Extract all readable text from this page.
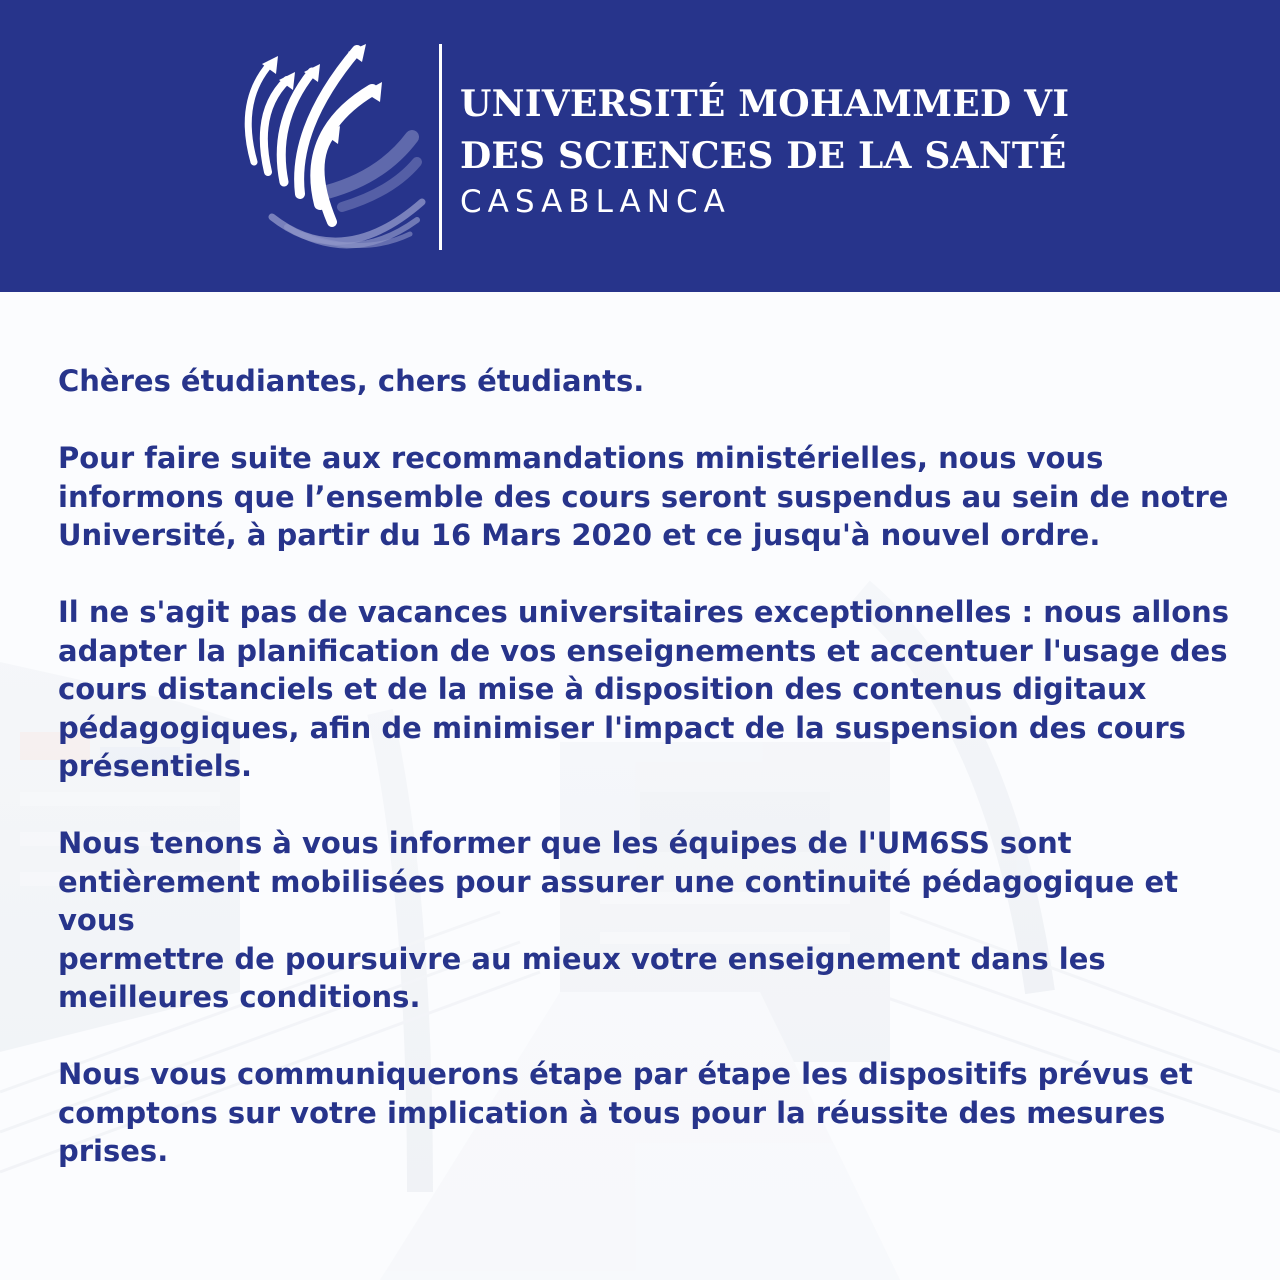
UNIVERSITÉ MOHAMMED VI
DES SCIENCES DE LA SANTÉ
CASABLANCA

Chères étudiantes, chers étudiants.

Pour faire suite aux recommandations ministérielles, nous vous
informons que l’ensemble des cours seront suspendus au sein de notre
Université, à partir du 16 Mars 2020 et ce jusqu'à nouvel ordre.

Il ne s'agit pas de vacances universitaires exceptionnelles : nous allons
adapter la planification de vos enseignements et accentuer l'usage des
cours distanciels et de la mise à disposition des contenus digitaux
pédagogiques, afin de minimiser l'impact de la suspension des cours
présentiels.

Nous tenons à vous informer que les équipes de l'UM6SS sont
entièrement mobilisées pour assurer une continuité pédagogique et vous
permettre de poursuivre au mieux votre enseignement dans les
meilleures conditions.

Nous vous communiquerons étape par étape les dispositifs prévus et
comptons sur votre implication à tous pour la réussite des mesures
prises.
